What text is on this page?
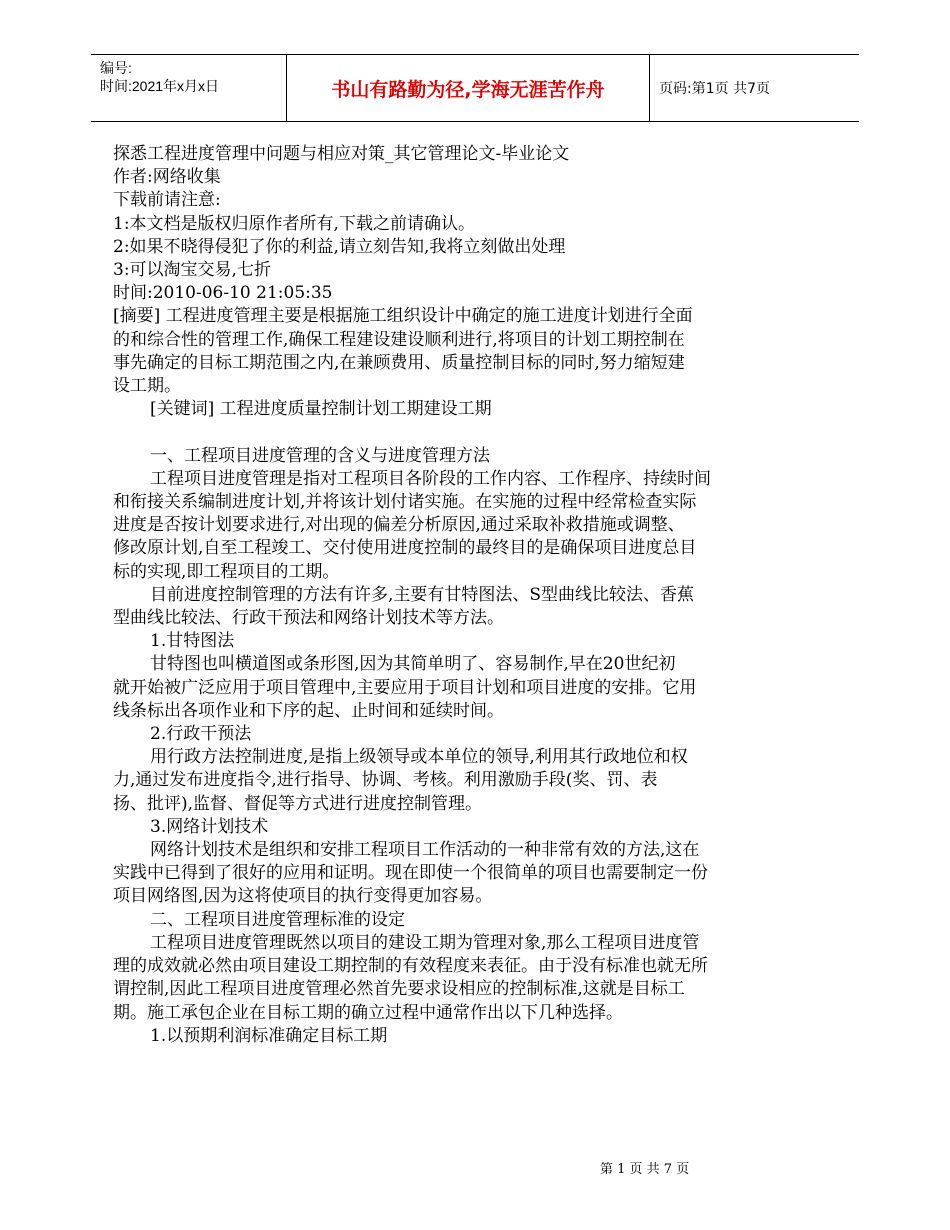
编号:
时间:2021年x月x日	书山有路勤为径,学海无涯苦作舟	页码:第1页 共7页

探悉工程进度管理中问题与相应对策_其它管理论文-毕业论文

作者:网络收集

下载前请注意:

1:本文档是版权归原作者所有,下载之前请确认。

2:如果不晓得侵犯了你的利益,请立刻告知,我将立刻做出处理

3:可以淘宝交易,七折

时间:2010-06-10 21:05:35

[摘要] 工程进度管理主要是根据施工组织设计中确定的施工进度计划进行全面

的和综合性的管理工作,确保工程建设建设顺利进行,将项目的计划工期控制在

事先确定的目标工期范围之内,在兼顾费用、质量控制目标的同时,努力缩短建

设工期。

[关键词] 工程进度质量控制计划工期建设工期

一、工程项目进度管理的含义与进度管理方法

工程项目进度管理是指对工程项目各阶段的工作内容、工作程序、持续时间

和衔接关系编制进度计划,并将该计划付诸实施。在实施的过程中经常检查实际

进度是否按计划要求进行,对出现的偏差分析原因,通过采取补救措施或调整、

修改原计划,自至工程竣工、交付使用进度控制的最终目的是确保项目进度总目

标的实现,即工程项目的工期。

目前进度控制管理的方法有许多,主要有甘特图法、S型曲线比较法、香蕉

型曲线比较法、行政干预法和网络计划技术等方法。

1.甘特图法

甘特图也叫横道图或条形图,因为其简单明了、容易制作,早在20世纪初

就开始被广泛应用于项目管理中,主要应用于项目计划和项目进度的安排。它用

线条标出各项作业和下序的起、止时间和延续时间。

2.行政干预法

用行政方法控制进度,是指上级领导或本单位的领导,利用其行政地位和权

力,通过发布进度指令,进行指导、协调、考核。利用激励手段(奖、罚、表

扬、批评),监督、督促等方式进行进度控制管理。

3.网络计划技术

网络计划技术是组织和安排工程项目工作活动的一种非常有效的方法,这在

实践中已得到了很好的应用和证明。现在即使一个很简单的项目也需要制定一份

项目网络图,因为这将使项目的执行变得更加容易。

二、工程项目进度管理标准的设定

工程项目进度管理既然以项目的建设工期为管理对象,那么工程项目进度管

理的成效就必然由项目建设工期控制的有效程度来表征。由于没有标准也就无所

谓控制,因此工程项目进度管理必然首先要求设相应的控制标准,这就是目标工

期。施工承包企业在目标工期的确立过程中通常作出以下几种选择。

1.以预期利润标准确定目标工期

第 1 页 共 7 页
